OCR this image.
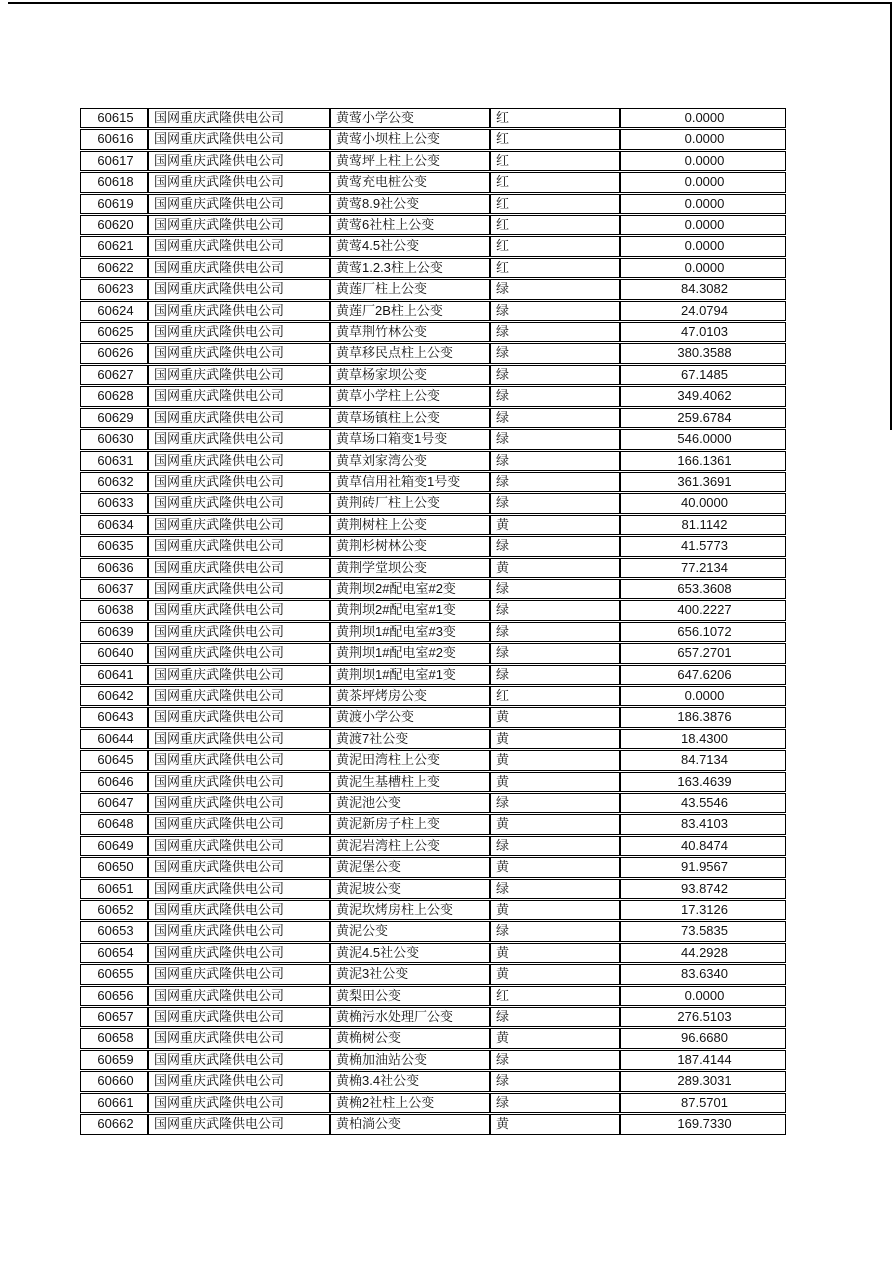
60615	国网重庆武隆供电公司	黄莺小学公变	红	0.0000
60616	国网重庆武隆供电公司	黄莺小坝柱上公变	红	0.0000
60617	国网重庆武隆供电公司	黄莺坪上柱上公变	红	0.0000
60618	国网重庆武隆供电公司	黄莺充电桩公变	红	0.0000
60619	国网重庆武隆供电公司	黄莺8.9社公变	红	0.0000
60620	国网重庆武隆供电公司	黄莺6社柱上公变	红	0.0000
60621	国网重庆武隆供电公司	黄莺4.5社公变	红	0.0000
60622	国网重庆武隆供电公司	黄莺1.2.3柱上公变	红	0.0000
60623	国网重庆武隆供电公司	黄莲厂柱上公变	绿	84.3082
60624	国网重庆武隆供电公司	黄莲厂2B柱上公变	绿	24.0794
60625	国网重庆武隆供电公司	黄草荆竹林公变	绿	47.0103
60626	国网重庆武隆供电公司	黄草移民点柱上公变	绿	380.3588
60627	国网重庆武隆供电公司	黄草杨家坝公变	绿	67.1485
60628	国网重庆武隆供电公司	黄草小学柱上公变	绿	349.4062
60629	国网重庆武隆供电公司	黄草场镇柱上公变	绿	259.6784
60630	国网重庆武隆供电公司	黄草场口箱变1号变	绿	546.0000
60631	国网重庆武隆供电公司	黄草刘家湾公变	绿	166.1361
60632	国网重庆武隆供电公司	黄草信用社箱变1号变	绿	361.3691
60633	国网重庆武隆供电公司	黄荆砖厂柱上公变	绿	40.0000
60634	国网重庆武隆供电公司	黄荆树柱上公变	黄	81.1142
60635	国网重庆武隆供电公司	黄荆杉树林公变	绿	41.5773
60636	国网重庆武隆供电公司	黄荆学堂坝公变	黄	77.2134
60637	国网重庆武隆供电公司	黄荆坝2#配电室#2变	绿	653.3608
60638	国网重庆武隆供电公司	黄荆坝2#配电室#1变	绿	400.2227
60639	国网重庆武隆供电公司	黄荆坝1#配电室#3变	绿	656.1072
60640	国网重庆武隆供电公司	黄荆坝1#配电室#2变	绿	657.2701
60641	国网重庆武隆供电公司	黄荆坝1#配电室#1变	绿	647.6206
60642	国网重庆武隆供电公司	黄茶坪烤房公变	红	0.0000
60643	国网重庆武隆供电公司	黄渡小学公变	黄	186.3876
60644	国网重庆武隆供电公司	黄渡7社公变	黄	18.4300
60645	国网重庆武隆供电公司	黄泥田湾柱上公变	黄	84.7134
60646	国网重庆武隆供电公司	黄泥生基槽柱上变	黄	163.4639
60647	国网重庆武隆供电公司	黄泥池公变	绿	43.5546
60648	国网重庆武隆供电公司	黄泥新房子柱上变	黄	83.4103
60649	国网重庆武隆供电公司	黄泥岩湾柱上公变	绿	40.8474
60650	国网重庆武隆供电公司	黄泥堡公变	黄	91.9567
60651	国网重庆武隆供电公司	黄泥坡公变	绿	93.8742
60652	国网重庆武隆供电公司	黄泥坎烤房柱上公变	黄	17.3126
60653	国网重庆武隆供电公司	黄泥公变	绿	73.5835
60654	国网重庆武隆供电公司	黄泥4.5社公变	黄	44.2928
60655	国网重庆武隆供电公司	黄泥3社公变	黄	83.6340
60656	国网重庆武隆供电公司	黄梨田公变	红	0.0000
60657	国网重庆武隆供电公司	黄桷污水处理厂公变	绿	276.5103
60658	国网重庆武隆供电公司	黄桷树公变	黄	96.6680
60659	国网重庆武隆供电公司	黄桷加油站公变	绿	187.4144
60660	国网重庆武隆供电公司	黄桷3.4社公变	绿	289.3031
60661	国网重庆武隆供电公司	黄桷2社柱上公变	绿	87.5701
60662	国网重庆武隆供电公司	黄柏淌公变	黄	169.7330
